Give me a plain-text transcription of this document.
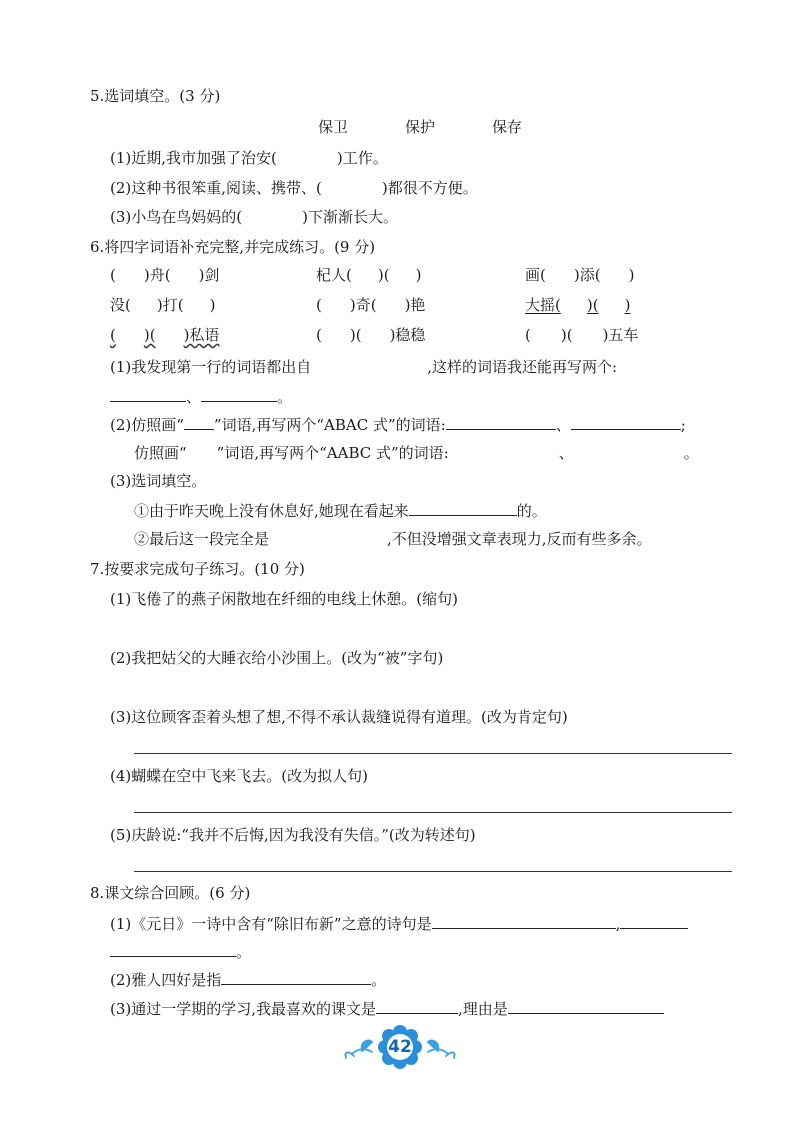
5.选词填空。(3 分)
保卫	保护	保存
(1)近期,我市加强了治安(	)工作。
(2)这种书很笨重,阅读、携带、(	)都很不方便。
(3)小鸟在鸟妈妈的(	)下渐渐长大。
6.将四字词语补充完整,并完成练习。(9 分)
( )舟( )剑	杞人( )( )	画( )添( )
没( )打( )	( )奇( )艳	大摇( )( )
( )( )私语	( )( )稳稳	( )( )五车
(1)我发现第一行的词语都出自	,这样的词语我还能再写两个:
、	。
(2)仿照画“ ”词语,再写两个“ABAC 式”的词语:	、	;
仿照画“ ”词语,再写两个“AABC 式”的词语:	、	。
(3)选词填空。
①由于昨天晚上没有休息好,她现在看起来	的。
②最后这一段完全是	,不但没增强文章表现力,反而有些多余。
7.按要求完成句子练习。(10 分)
(1)飞倦了的燕子闲散地在纤细的电线上休憩。(缩句)
(2)我把姑父的大睡衣给小沙围上。(改为“被”字句)
(3)这位顾客歪着头想了想,不得不承认裁缝说得有道理。(改为肯定句)
(4)蝴蝶在空中飞来飞去。(改为拟人句)
(5)庆龄说:“我并不后悔,因为我没有失信。”(改为转述句)
8.课文综合回顾。(6 分)
(1)《元日》一诗中含有“除旧布新”之意的诗句是	,
。
(2)雅人四好是指	。
(3)通过一学期的学习,我最喜欢的课文是	,理由是
42
